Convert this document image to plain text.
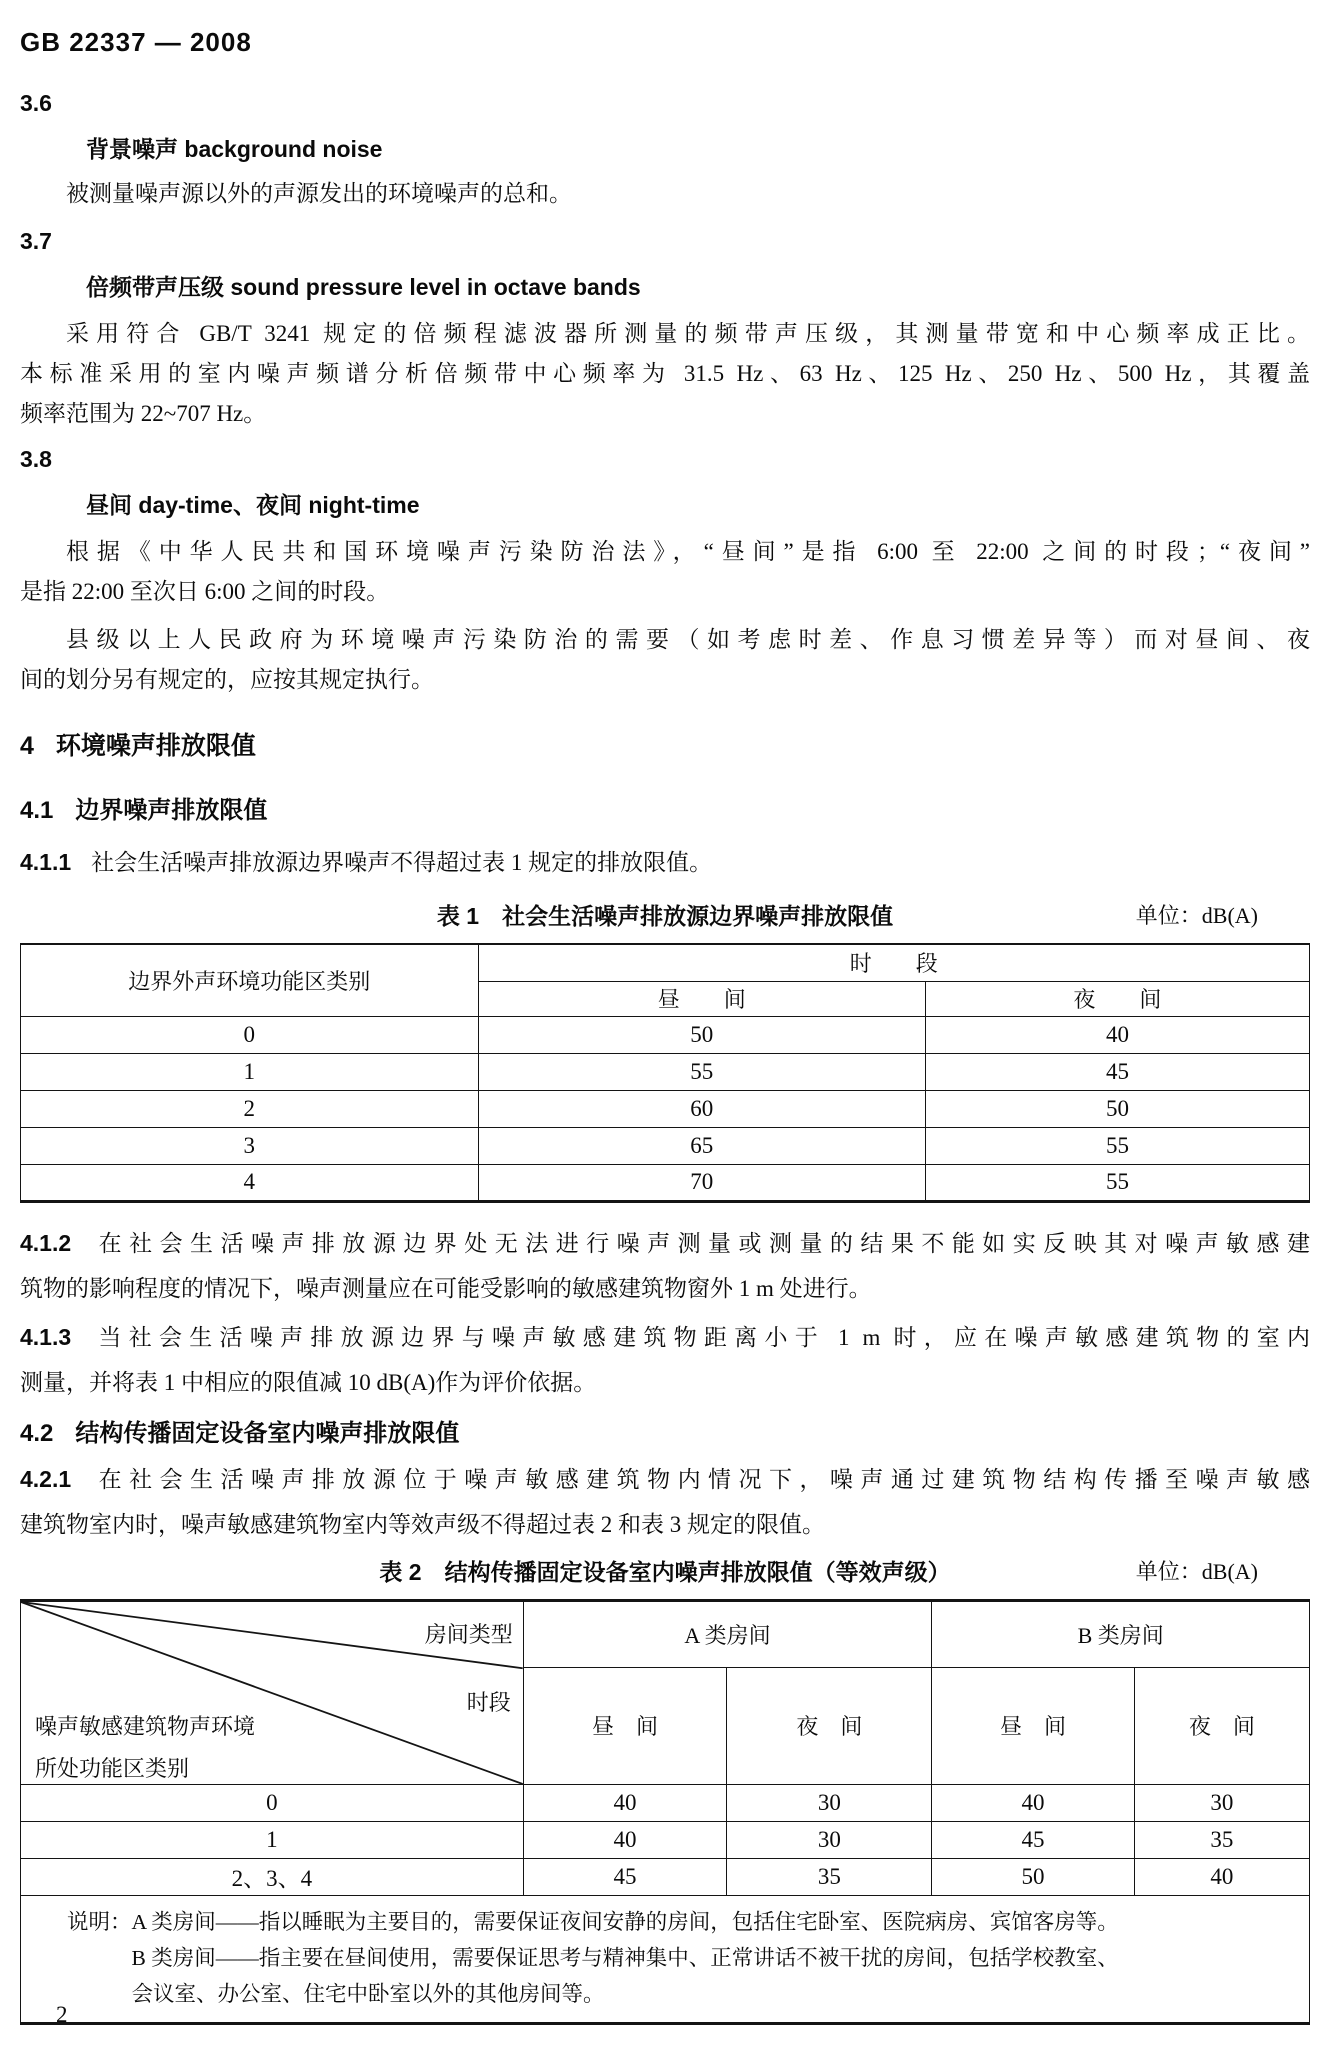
GB 22337 — 2008
3.6
背景噪声 background noise
被测量噪声源以外的声源发出的环境噪声的总和。
3.7
倍频带声压级 sound pressure level in octave bands
采用符合 GB/T 3241 规定的倍频程滤波器所测量的频带声压级，其测量带宽和中心频率成正比。
本标准采用的室内噪声频谱分析倍频带中心频率为 31.5 Hz、63 Hz、125 Hz、250 Hz、500 Hz，其覆盖
频率范围为 22~707 Hz。
3.8
昼间 day-time、夜间 night-time
根据《中华人民共和国环境噪声污染防治法》，“昼间”是指 6:00 至 22:00 之间的时段；“夜间”
是指 22:00 至次日 6:00 之间的时段。
县级以上人民政府为环境噪声污染防治的需要（如考虑时差、作息习惯差异等）而对昼间、夜
间的划分另有规定的，应按其规定执行。
4 环境噪声排放限值
4.1 边界噪声排放限值
4.1.1 社会生活噪声排放源边界噪声不得超过表 1 规定的排放限值。
表 1　社会生活噪声排放源边界噪声排放限值	单位：dB(A)
边界外声环境功能区类别	时　　段	
	昼　　间	夜　　间
0	50	40
1	55	45
2	60	50
3	65	55
4	70	55
4.1.2 在社会生活噪声排放源边界处无法进行噪声测量或测量的结果不能如实反映其对噪声敏感建
筑物的影响程度的情况下，噪声测量应在可能受影响的敏感建筑物窗外 1 m 处进行。
4.1.3 当社会生活噪声排放源边界与噪声敏感建筑物距离小于 1 m 时，应在噪声敏感建筑物的室内
测量，并将表 1 中相应的限值减 10 dB(A)作为评价依据。
4.2 结构传播固定设备室内噪声排放限值
4.2.1 在社会生活噪声排放源位于噪声敏感建筑物内情况下，噪声通过建筑物结构传播至噪声敏感
建筑物室内时，噪声敏感建筑物室内等效声级不得超过表 2 和表 3 规定的限值。
表 2　结构传播固定设备室内噪声排放限值（等效声级）	单位：dB(A)
房间类型
时段
噪声敏感建筑物声环境
所处功能区类别	A 类房间		B 类房间	
	昼　间	夜　间	昼　间	夜　间
0	40	30	40	30
1	40	30	45	35
2、3、4	45	35	50	40

说明： A 类房间——指以睡眠为主要目的，需要保证夜间安静的房间，包括住宅卧室、医院病房、宾馆客房等。
B 类房间——指主要在昼间使用，需要保证思考与精神集中、正常讲话不被干扰的房间，包括学校教室、
会议室、办公室、住宅中卧室以外的其他房间等。				
2
